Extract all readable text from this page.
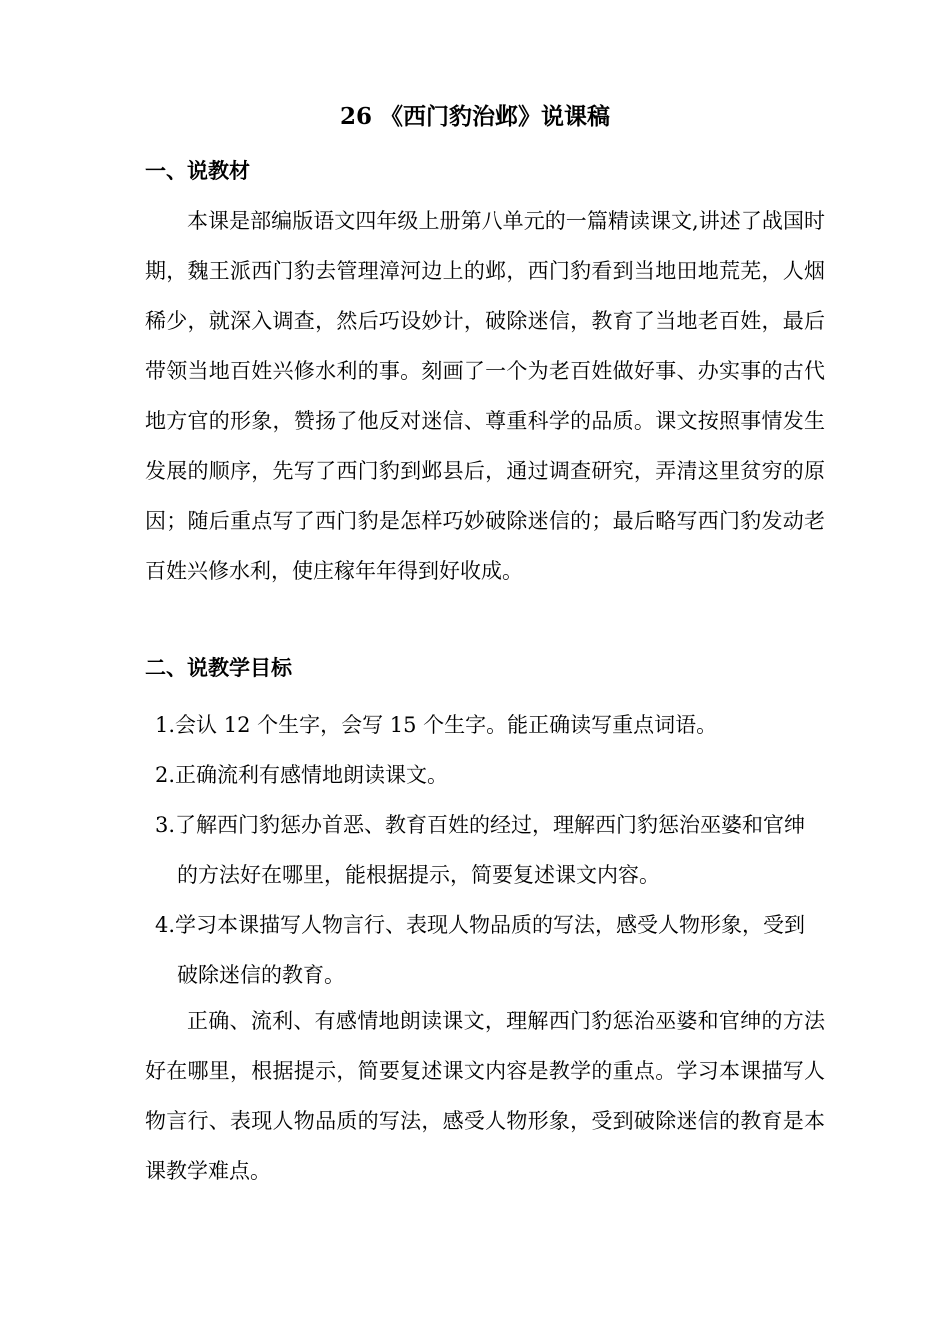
26 《西门豹治邺》说课稿
一、说教材

本课是部编版语文四年级上册第八单元的一篇精读课文,讲述了战国时期，魏王派西门豹去管理漳河边上的邺，西门豹看到当地田地荒芜，人烟稀少，就深入调查，然后巧设妙计，破除迷信，教育了当地老百姓，最后带领当地百姓兴修水利的事。刻画了一个为老百姓做好事、办实事的古代地方官的形象，赞扬了他反对迷信、尊重科学的品质。课文按照事情发生发展的顺序，先写了西门豹到邺县后，通过调查研究，弄清这里贫穷的原因；随后重点写了西门豹是怎样巧妙破除迷信的；最后略写西门豹发动老百姓兴修水利，使庄稼年年得到好收成。

二、说教学目标
1.会认 12 个生字，会写 15 个生字。能正确读写重点词语。
2.正确流利有感情地朗读课文。
3.了解西门豹惩办首恶、教育百姓的经过，理解西门豹惩治巫婆和官绅的方法好在哪里，能根据提示，简要复述课文内容。
4.学习本课描写人物言行、表现人物品质的写法，感受人物形象，受到破除迷信的教育。

正确、流利、有感情地朗读课文，理解西门豹惩治巫婆和官绅的方法好在哪里，根据提示，简要复述课文内容是教学的重点。学习本课描写人物言行、表现人物品质的写法，感受人物形象，受到破除迷信的教育是本课教学难点。
